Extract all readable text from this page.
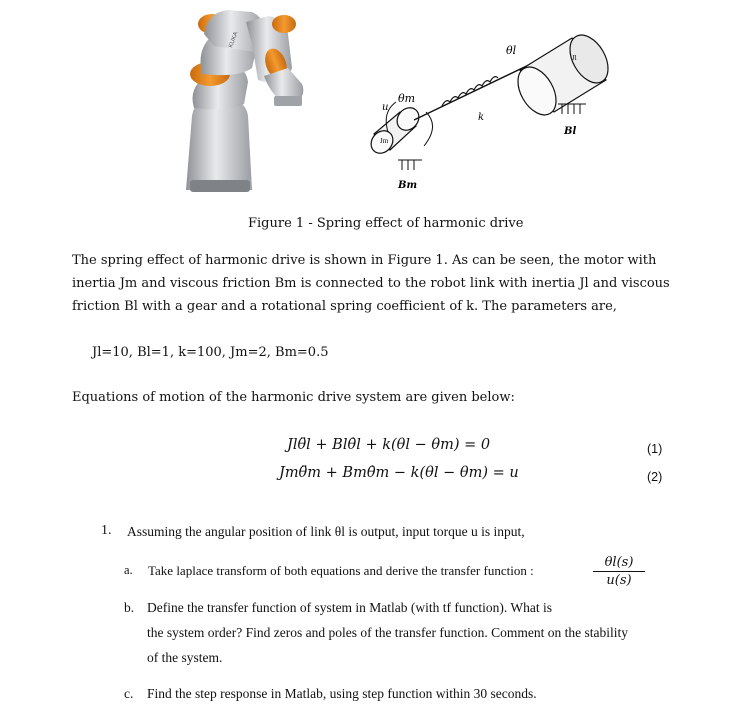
KUKA
Jm
Jl
θm
u
θl
k
Bl
Bm
Figure 1 - Spring effect of harmonic drive
The spring effect of harmonic drive is shown in Figure 1. As can be seen, the motor with
inertia Jm and viscous friction Bm is connected to the robot link with inertia Jl and viscous
friction Bl with a gear and a rotational spring coefficient of k. The parameters are,
Jl=10, Bl=1, k=100, Jm=2, Bm=0.5
Equations of motion of the harmonic drive system are given below:
Jlθ̈l + Blθ̇l + k(θl − θm) = 0	(1)
Jmθ̈m + Bmθ̇m − k(θl − θm) = u	(2)
1. Assuming the angular position of link θl is output, input torque u is input,
a. Take laplace transform of both equations and derive the transfer function :
θl(s)
u(s)
b. Define the transfer function of system in Matlab (with tf function). What is
the system order? Find zeros and poles of the transfer function. Comment on the stability
of the system.
c. Find the step response in Matlab, using step function within 30 seconds.
